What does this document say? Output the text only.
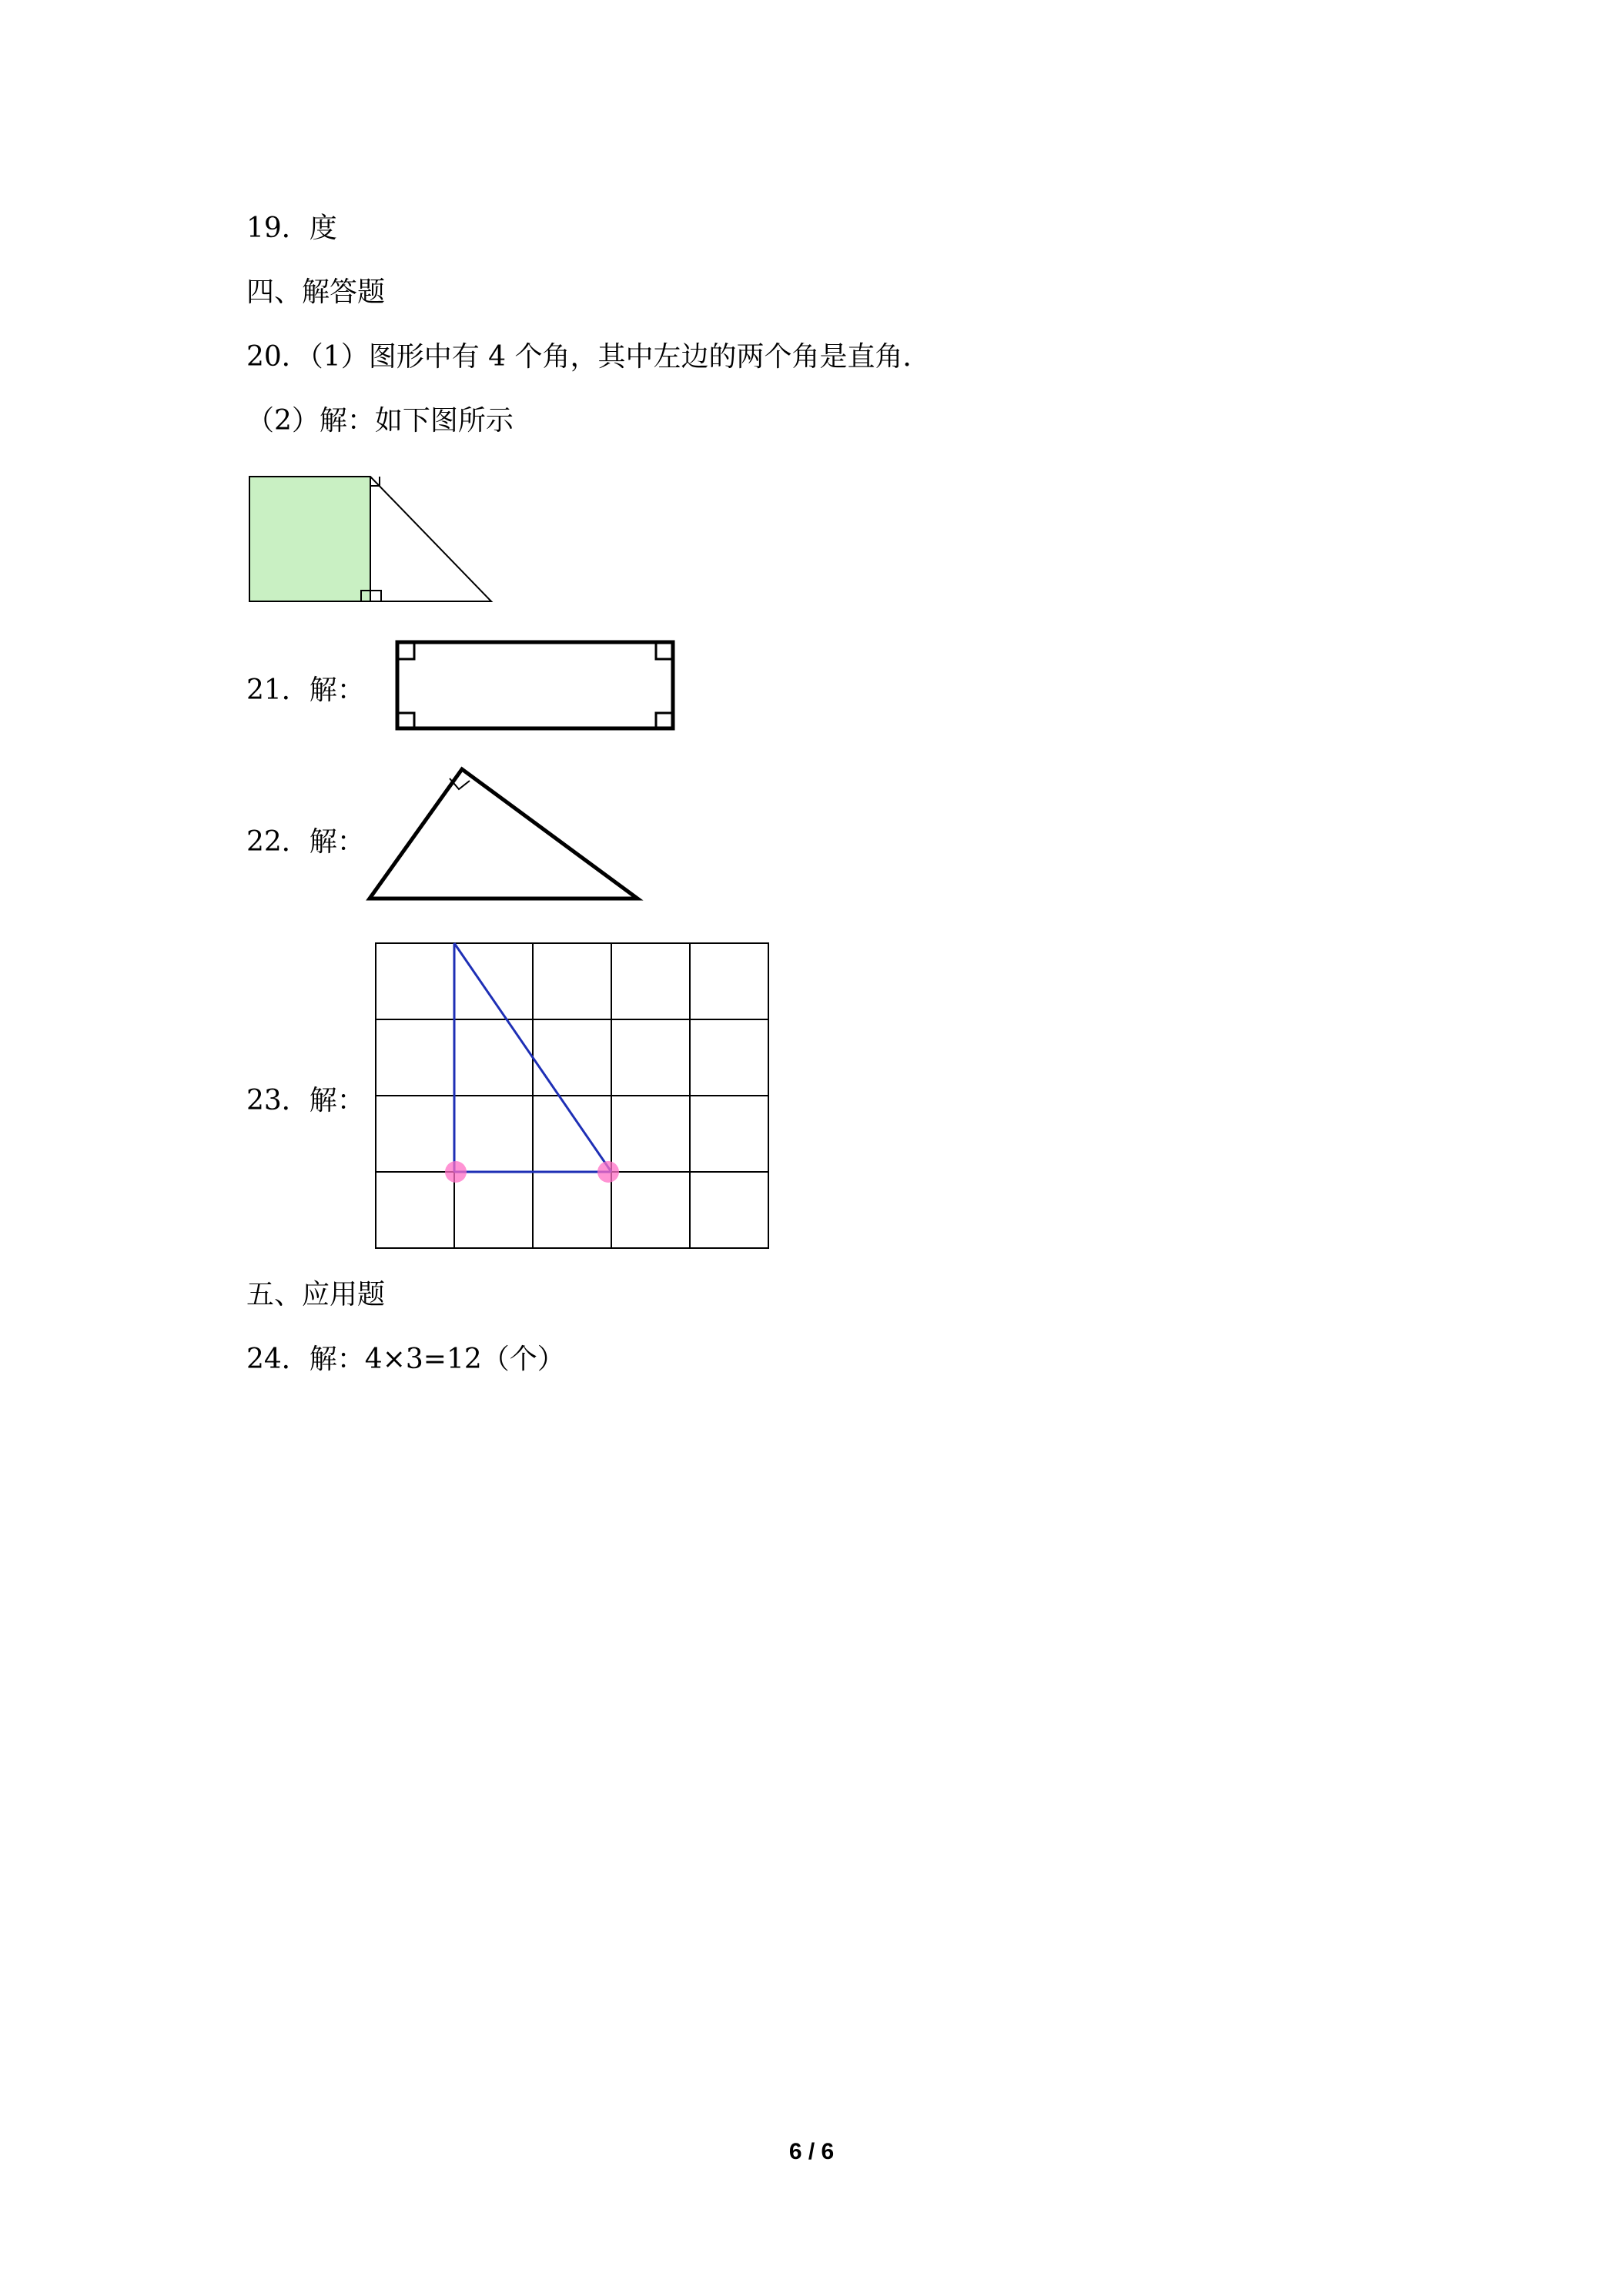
19．度
四、解答题
20．（1）图形中有 4 个角，其中左边的两个角是直角．
（2）解：如下图所示
21．解：
22．解：
23．解：
五、应用题
24．解：4×3=12（个）
6 / 6
